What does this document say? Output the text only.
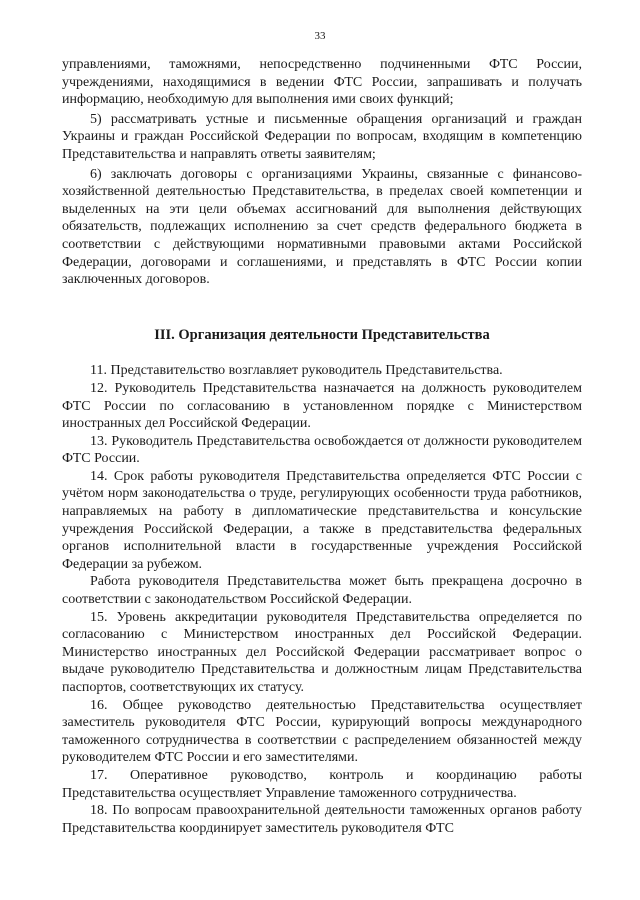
33

управлениями, таможнями, непосредственно подчиненными ФТС России, учреждениями, находящимися в ведении ФТС России, запрашивать и получать информацию, необходимую для выполнения ими своих функций;

5) рассматривать устные и письменные обращения организаций и граждан Украины и граждан Российской Федерации по вопросам, входящим в компетенцию Представительства и направлять ответы заявителям;

6) заключать договоры с организациями Украины, связанные с финансово-хозяйственной деятельностью Представительства, в пределах своей компетенции и выделенных на эти цели объемах ассигнований для выполнения действующих обязательств, подлежащих исполнению за счет средств федерального бюджета в соответствии с действующими нормативными правовыми актами Российской Федерации, договорами и соглашениями, и представлять в ФТС России копии заключенных договоров.

III. Организация деятельности Представительства

11. Представительство возглавляет руководитель Представительства.

12. Руководитель Представительства назначается на должность руководителем ФТС России по согласованию в установленном порядке с Министерством иностранных дел Российской Федерации.

13. Руководитель Представительства освобождается от должности руководителем ФТС России.

14. Срок работы руководителя Представительства определяется ФТС России с учётом норм законодательства о труде, регулирующих особенности труда работников, направляемых на работу в дипломатические представительства и консульские учреждения Российской Федерации, а также в представительства федеральных органов исполнительной власти в государственные учреждения Российской Федерации за рубежом.

Работа руководителя Представительства может быть прекращена досрочно в соответствии с законодательством Российской Федерации.

15. Уровень аккредитации руководителя Представительства определяется по согласованию с Министерством иностранных дел Российской Федерации. Министерство иностранных дел Российской Федерации рассматривает вопрос о выдаче руководителю Представительства и должностным лицам Представительства паспортов, соответствующих их статусу.

16. Общее руководство деятельностью Представительства осуществляет заместитель руководителя ФТС России, курирующий вопросы международного таможенного сотрудничества в соответствии с распределением обязанностей между руководителем ФТС России и его заместителями.

17. Оперативное руководство, контроль и координацию работы Представительства осуществляет Управление таможенного сотрудничества.

18. По вопросам правоохранительной деятельности таможенных органов работу Представительства координирует заместитель руководителя ФТС
